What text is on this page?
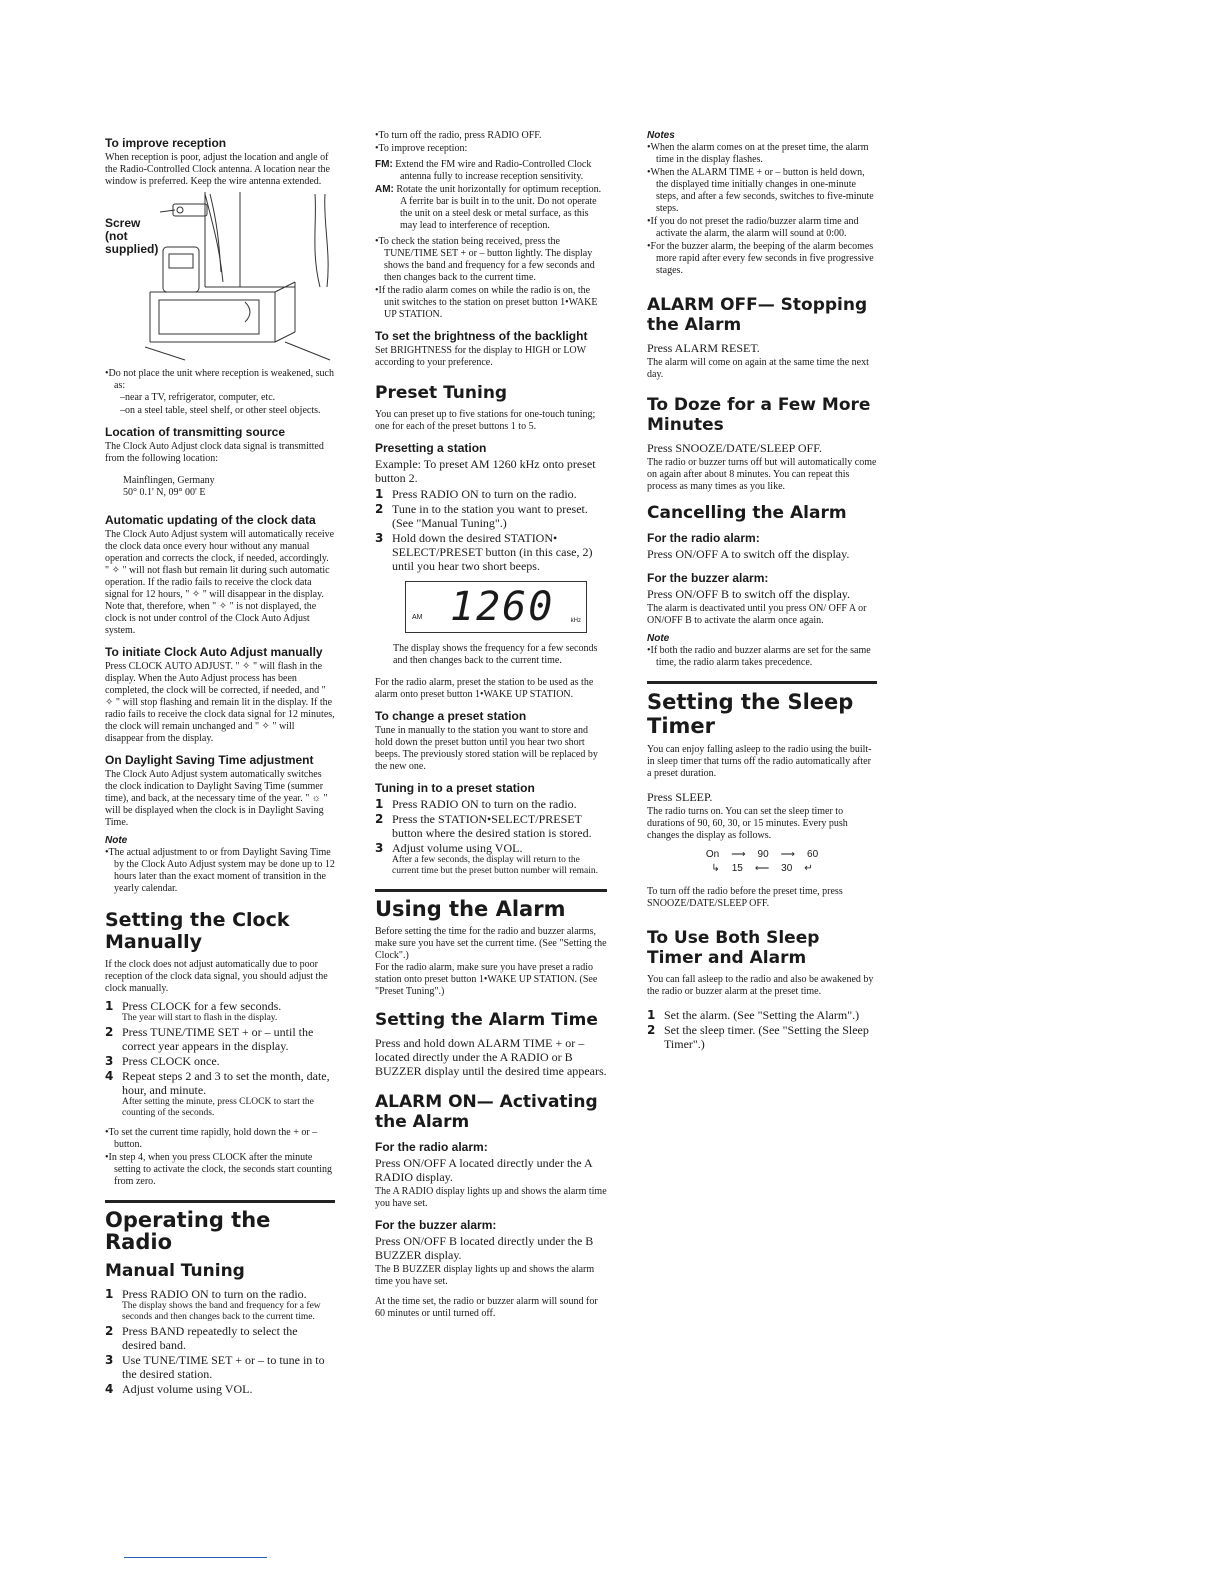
To improve reception

When reception is poor, adjust the location and angle of the Radio-Controlled Clock antenna. A location near the window is preferred. Keep the wire antenna extended.

Screw
(not
supplied)
• Do not place the unit where reception is weakened, such as:
– near a TV, refrigerator, computer, etc.
– on a steel table, steel shelf, or other steel objects.
Location of transmitting source

The Clock Auto Adjust clock data signal is transmitted from the following location:

Mainflingen, Germany

50° 0.1' N, 09° 00' E

Automatic updating of the clock data

The Clock Auto Adjust system will automatically receive the clock data once every hour without any manual operation and corrects the clock, if needed, accordingly. " ✧ " will not flash but remain lit during such automatic operation. If the radio fails to receive the clock data signal for 12 hours, " ✧ " will disappear in the display. Note that, therefore, when " ✧ " is not displayed, the clock is not under control of the Clock Auto Adjust system.

To initiate Clock Auto Adjust manually

Press CLOCK AUTO ADJUST. " ✧ " will flash in the display. When the Auto Adjust process has been completed, the clock will be corrected, if needed, and " ✧ " will stop flashing and remain lit in the display. If the radio fails to receive the clock data signal for 12 minutes, the clock will remain unchanged and " ✧ " will disappear from the display.

On Daylight Saving Time adjustment

The Clock Auto Adjust system automatically switches the clock indication to Daylight Saving Time (summer time), and back, at the necessary time of the year. " ☼ " will be displayed when the clock is in Daylight Saving Time.

Note
• The actual adjustment to or from Daylight Saving Time by the Clock Auto Adjust system may be done up to 12 hours later than the exact moment of transition in the yearly calendar.
Setting the Clock Manually

If the clock does not adjust automatically due to poor reception of the clock data signal, you should adjust the clock manually.

1 Press CLOCK for a few seconds.
The year will start to flash in the display.
2 Press TUNE/TIME SET + or – until the correct year appears in the display.
3 Press CLOCK once.
4 Repeat steps 2 and 3 to set the month, date, hour, and minute.
After setting the minute, press CLOCK to start the counting of the seconds.
• To set the current time rapidly, hold down the + or – button.
• In step 4, when you press CLOCK after the minute setting to activate the clock, the seconds start counting from zero.
Operating the Radio
Manual Tuning
1 Press RADIO ON to turn on the radio.
The display shows the band and frequency for a few seconds and then changes back to the current time.
2 Press BAND repeatedly to select the desired band.
3 Use TUNE/TIME SET + or – to tune in to the desired station.
4 Adjust volume using VOL.
• To turn off the radio, press RADIO OFF.
• To improve reception:
FM: Extend the FM wire and Radio-Controlled Clock antenna fully to increase reception sensitivity.
AM: Rotate the unit horizontally for optimum reception. A ferrite bar is built in to the unit. Do not operate the unit on a steel desk or metal surface, as this may lead to interference of reception.
• To check the station being received, press the TUNE/TIME SET + or – button lightly. The display shows the band and frequency for a few seconds and then changes back to the current time.
• If the radio alarm comes on while the radio is on, the unit switches to the station on preset button 1•WAKE UP STATION.
To set the brightness of the backlight

Set BRIGHTNESS for the display to HIGH or LOW according to your preference.

Preset Tuning

You can preset up to five stations for one-touch tuning; one for each of the preset buttons 1 to 5.

Presetting a station

Example: To preset AM 1260 kHz onto preset button 2.

1 Press RADIO ON to turn on the radio.
2 Tune in to the station you want to preset. (See "Manual Tuning".)
3 Hold down the desired STATION• SELECT/PRESET button (in this case, 2) until you hear two short beeps.
AM 1260	kHz

The display shows the frequency for a few seconds and then changes back to the current time.

For the radio alarm, preset the station to be used as the alarm onto preset button 1•WAKE UP STATION.

To change a preset station

Tune in manually to the station you want to store and hold down the preset button until you hear two short beeps. The previously stored station will be replaced by the new one.

Tuning in to a preset station
1 Press RADIO ON to turn on the radio.
2 Press the STATION•SELECT/PRESET button where the desired station is stored.
3 Adjust volume using VOL.
After a few seconds, the display will return to the current time but the preset button number will remain.
Using the Alarm

Before setting the time for the radio and buzzer alarms, make sure you have set the current time. (See "Setting the Clock".)

For the radio alarm, make sure you have preset a radio station onto preset button 1•WAKE UP STATION. (See "Preset Tuning".)

Setting the Alarm Time

Press and hold down ALARM TIME + or – located directly under the A RADIO or B BUZZER display until the desired time appears.

ALARM ON— Activating the Alarm
For the radio alarm:

Press ON/OFF A located directly under the A RADIO display.

The A RADIO display lights up and shows the alarm time you have set.

For the buzzer alarm:

Press ON/OFF B located directly under the B BUZZER display.

The B BUZZER display lights up and shows the alarm time you have set.

At the time set, the radio or buzzer alarm will sound for 60 minutes or until turned off.

Notes
• When the alarm comes on at the preset time, the alarm time in the display flashes.
• When the ALARM TIME + or – button is held down, the displayed time initially changes in one-minute steps, and after a few seconds, switches to five-minute steps.
• If you do not preset the radio/buzzer alarm time and activate the alarm, the alarm will sound at 0:00.
• For the buzzer alarm, the beeping of the alarm becomes more rapid after every few seconds in five progressive stages.
ALARM OFF— Stopping the Alarm

Press ALARM RESET.

The alarm will come on again at the same time the next day.

To Doze for a Few More Minutes

Press SNOOZE/DATE/SLEEP OFF.

The radio or buzzer turns off but will automatically come on again after about 8 minutes. You can repeat this process as many times as you like.

Cancelling the Alarm
For the radio alarm:

Press ON/OFF A to switch off the display.

For the buzzer alarm:

Press ON/OFF B to switch off the display.

The alarm is deactivated until you press ON/ OFF A or ON/OFF B to activate the alarm once again.

Note
• If both the radio and buzzer alarms are set for the same time, the radio alarm takes precedence.
Setting the Sleep Timer

You can enjoy falling asleep to the radio using the built-in sleep timer that turns off the radio automatically after a preset duration.

Press SLEEP.

The radio turns on. You can set the sleep timer to durations of 90, 60, 30, or 15 minutes. Every push changes the display as follows.

On ⟶ 90 ⟶ 60
↳ 15 ⟵ 30 ↵

To turn off the radio before the preset time, press SNOOZE/DATE/SLEEP OFF.

To Use Both Sleep Timer and Alarm

You can fall asleep to the radio and also be awakened by the radio or buzzer alarm at the preset time.

1 Set the alarm. (See "Setting the Alarm".)
2 Set the sleep timer. (See "Setting the Sleep Timer".)
